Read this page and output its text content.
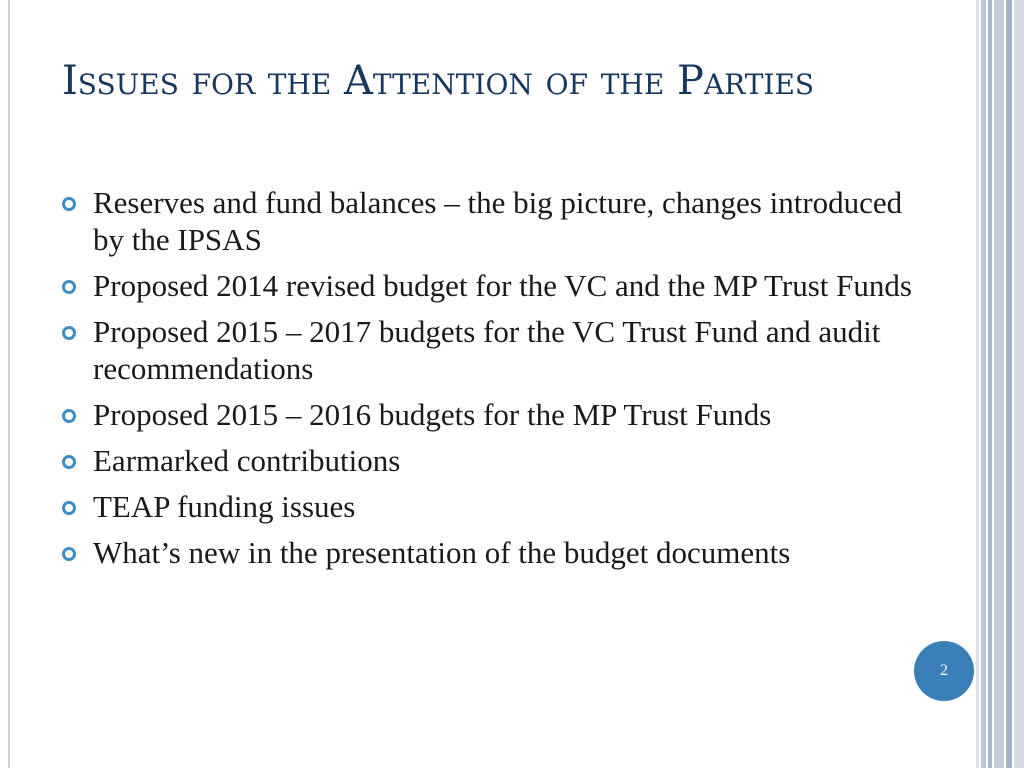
Issues for the Attention of the Parties
Reserves and fund balances – the big picture, changes introduced by the IPSAS
Proposed 2014 revised budget for the VC and the MP Trust Funds
Proposed 2015 – 2017 budgets for the VC Trust Fund and audit recommendations
Proposed 2015 – 2016 budgets for the MP Trust Funds
Earmarked contributions
TEAP funding issues
What’s new in the presentation of the budget documents
2
